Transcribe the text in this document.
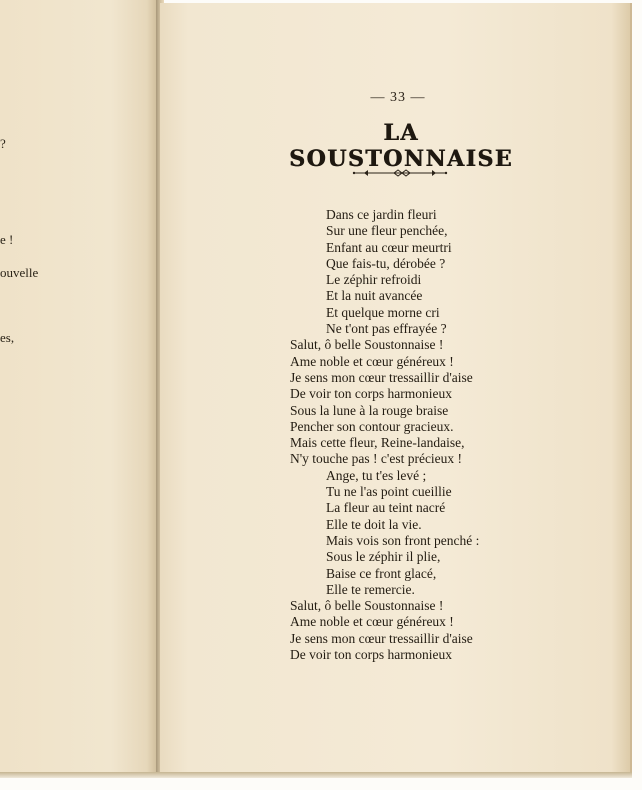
?
e !
ouvelle
es,
— 33 —
LA SOUSTONNAISE
Dans ce jardin fleuri
Sur une fleur penchée,
Enfant au cœur meurtri
Que fais-tu, dérobée ?
Le zéphir refroidi
Et la nuit avancée
Et quelque morne cri
Ne t'ont pas effrayée ?
Salut, ô belle Soustonnaise !
Ame noble et cœur généreux !
Je sens mon cœur tressaillir d'aise
De voir ton corps harmonieux
Sous la lune à la rouge braise
Pencher son contour gracieux.
Mais cette fleur, Reine-landaise,
N'y touche pas ! c'est précieux !
Ange, tu t'es levé ;
Tu ne l'as point cueillie
La fleur au teint nacré
Elle te doit la vie.
Mais vois son front penché :
Sous le zéphir il plie,
Baise ce front glacé,
Elle te remercie.
Salut, ô belle Soustonnaise !
Ame noble et cœur généreux !
Je sens mon cœur tressaillir d'aise
De voir ton corps harmonieux
